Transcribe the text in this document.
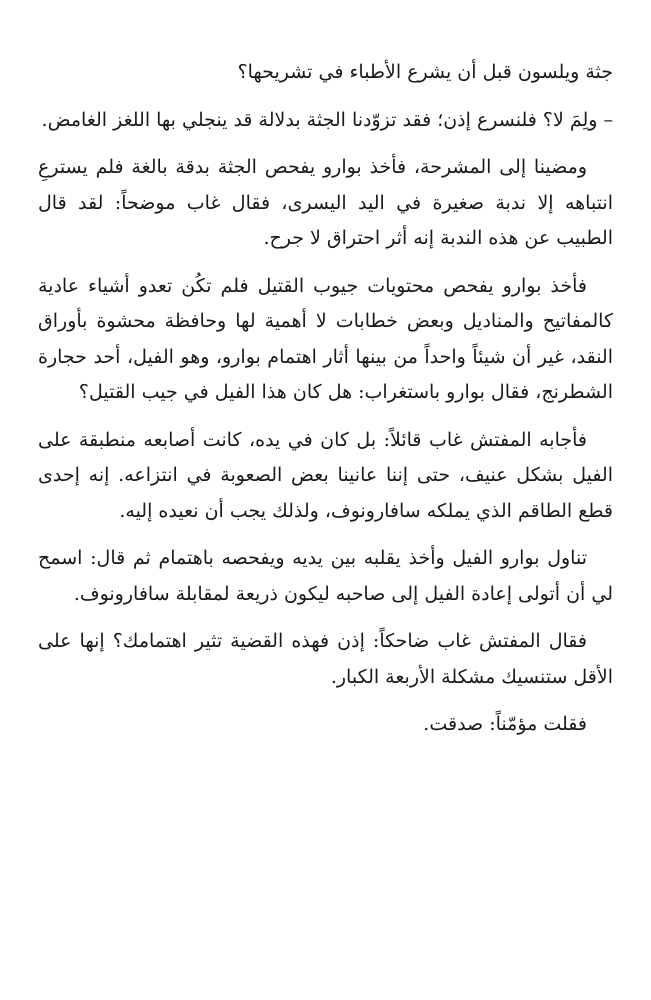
جثة ويلسون قبل أن يشرع الأطباء في تشريحها؟

– ولِمَ لا؟ فلنسرع إذن؛ فقد تزوّدنا الجثة بدلالة قد ينجلي بها اللغز الغامض.

ومضينا إلى المشرحة، فأخذ بوارو يفحص الجثة بدقة بالغة فلم يسترعِ انتباهه إلا ندبة صغيرة في اليد اليسرى، فقال غاب موضحاً: لقد قال الطبيب عن هذه الندبة إنه أثر احتراق لا جرح.

فأخذ بوارو يفحص محتويات جيوب القتيل فلم تكُن تعدو أشياء عادية كالمفاتيح والمناديل وبعض خطابات لا أهمية لها وحافظة محشوة بأوراق النقد، غير أن شيئاً واحداً من بينها أثار اهتمام بوارو، وهو الفيل، أحد حجارة الشطرنج، فقال بوارو باستغراب: هل كان هذا الفيل في جيب القتيل؟

فأجابه المفتش غاب قائلاً: بل كان في يده، كانت أصابعه منطبقة على الفيل بشكل عنيف، حتى إننا عانينا بعض الصعوبة في انتزاعه. إنه إحدى قطع الطاقم الذي يملكه سافارونوف، ولذلك يجب أن نعيده إليه.

تناول بوارو الفيل وأخذ يقلبه بين يديه ويفحصه باهتمام ثم قال: اسمح لي أن أتولى إعادة الفيل إلى صاحبه ليكون ذريعة لمقابلة سافارونوف.

فقال المفتش غاب ضاحكاً: إذن فهذه القضية تثير اهتمامك؟ إنها على الأقل ستنسيك مشكلة الأربعة الكبار.

فقلت مؤمّناً: صدقت.
